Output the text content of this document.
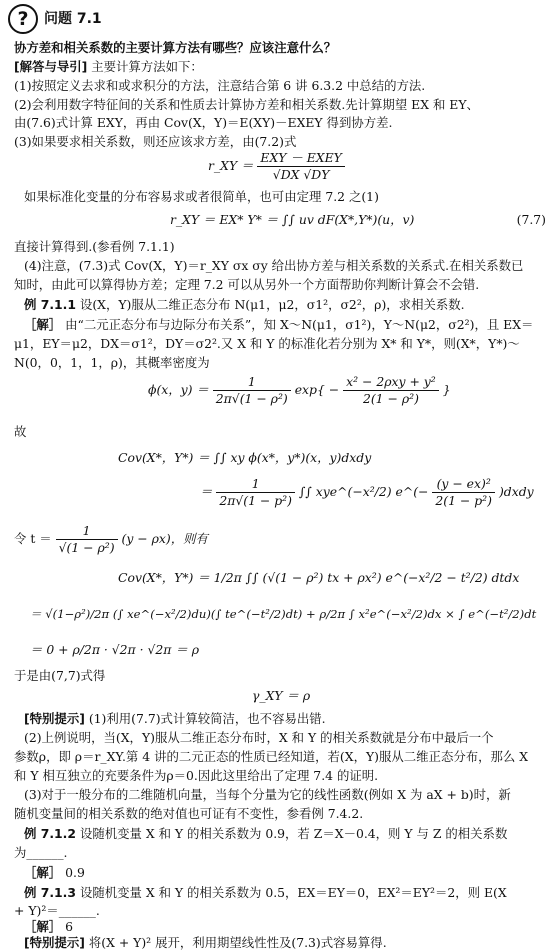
?	问题 7.1
协方差和相关系数的主要计算方法有哪些？应该注意什么？
[解答与导引] 主要计算方法如下：
(1)按照定义去求和或求积分的方法，注意结合第 6 讲 6.3.2 中总结的方法.
(2)会利用数字特征间的关系和性质去计算协方差和相关系数.先计算期望 EX 和 EY、
由(7.6)式计算 EXY，再由 Cov(X，Y)＝E(XY)－EXEY 得到协方差.
(3)如果要求相关系数，则还应该求方差，由(7.2)式
r_XY ＝ $\frac{\text{EXY － EXEY}}{√DX √DY}$
如果标准化变量的分布容易求或者很简单，也可由定理 7.2 之(1)
r_XY ＝ EX* Y* ＝ ∫∫ uv dF(X*,Y*)(u，v)	(7.7)
直接计算得到.(参看例 7.1.1)
(4)注意，(7.3)式 Cov(X，Y)＝r_XY σx σy 给出协方差与相关系数的关系式.在相关系数已
知时，由此可以算得协方差；定理 7.2 可以从另外一个方面帮助你判断计算会不会错.
例 7.1.1 设(X，Y)服从二维正态分布 N(μ1，μ2，σ1²，σ2²，ρ)，求相关系数.
［解］ 由“二元正态分布与边际分布关系”，知 X～N(μ1，σ1²)，Y～N(μ2，σ2²)，且 EX＝
μ1，EY＝μ2，DX＝σ1²，DY＝σ2².又 X 和 Y 的标准化若分别为 X* 和 Y*，则(X*，Y*)～
N(0，0，1，1，ρ)，其概率密度为
ϕ(x，$y) = \frac{1}{\text{2π√(1 − ρ²)}} \exp\{ - \frac{\text{x² − 2ρxy + y²}}{\text{2(1 − ρ²)}}$ }
故
Cov(X*，Y*) ＝ ∫∫ xy ϕ(x*，y*)(x，y)dxdy
＝ $\frac{1}{\text{2π√(1 − p²)}}$ ∫∫ xye^(−x²/2) e^(− $\frac{\text{(y − ex)²}}{\text{2(1 − p²)}}$ )dxdy
令 $t = \frac{1}{\text{√(1 − ρ²)}} (y - \rho x)$，则有
Cov(X*，Y*) ＝ 1/2π ∫∫ (√(1 − ρ²) tx + ρx²) e^(−x²/2 − t²/2) dtdx
＝ √(1−ρ²)/2π (∫ xe^(−x²/2)du)(∫ te^(−t²/2)dt) + ρ/2π ∫ x²e^(−x²/2)dx × ∫ e^(−t²/2)dt
＝ 0 + ρ/2π · √2π · √2π ＝ ρ
于是由(7,7)式得
γ_XY ＝ ρ
[特别提示] (1)利用(7.7)式计算较简洁，也不容易出错.
(2)上例说明，当(X，Y)服从二维正态分布时，X 和 Y 的相关系数就是分布中最后一个
参数ρ，即 ρ＝r_XY.第 4 讲的二元正态的性质已经知道，若(X，Y)服从二维正态分布，那么 X
和 Y 相互独立的充要条件为ρ＝0.因此这里给出了定理 7.4 的证明.
(3)对于一般分布的二维随机向量，当每个分量为它的线性函数(例如 X 为 aX + b)时，新
随机变量间的相关系数的绝对值也可证有不变性，参看例 7.4.2.
例 7.1.2 设随机变量 X 和 Y 的相关系数为 0.9，若 Z＝X－0.4，则 Y 与 Z 的相关系数
为______.
［解］ 0.9
例 7.1.3 设随机变量 X 和 Y 的相关系数为 0.5，EX＝EY＝0，EX²＝EY²＝2，则 E(X
+ Y)²＝______.
［解］ 6
[特别提示] 将(X + Y)² 展开，利用期望线性性及(7.3)式容易算得.
